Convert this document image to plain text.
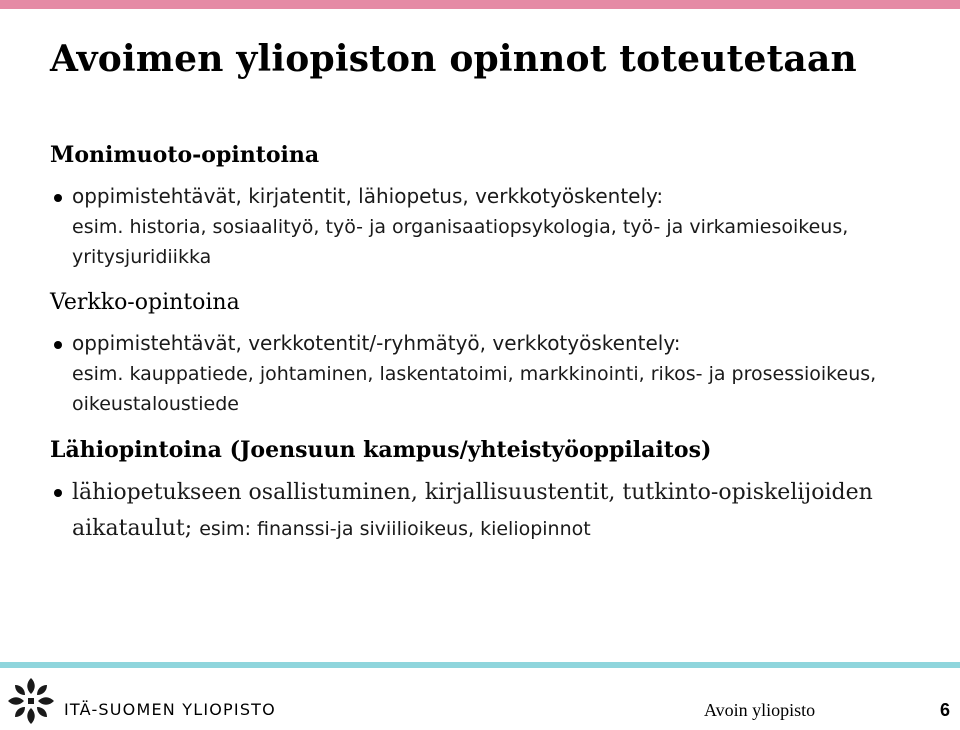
Avoimen yliopiston opinnot toteutetaan
Monimuoto-opintoina
oppimistehtävät, kirjatentit, lähiopetus, verkkotyöskentely:
esim. historia, sosiaalityö, työ- ja organisaatiopsykologia, työ- ja virkamiesoikeus, yritysjuridiikka
Verkko-opintoina
oppimistehtävät, verkkotentit/-ryhmätyö, verkkotyöskentely:
esim. kauppatiede, johtaminen, laskentatoimi, markkinointi, rikos- ja prosessioikeus, oikeustaloustiede
Lähiopintoina (Joensuun kampus/yhteistyöoppilaitos)
lähiopetukseen osallistuminen, kirjallisuustentit, tutkinto-opiskelijoiden aikataulut; esim: finanssi-ja siviilioikeus, kieliopinnot
ITÄ-SUOMEN YLIOPISTO	Avoin yliopisto	6
